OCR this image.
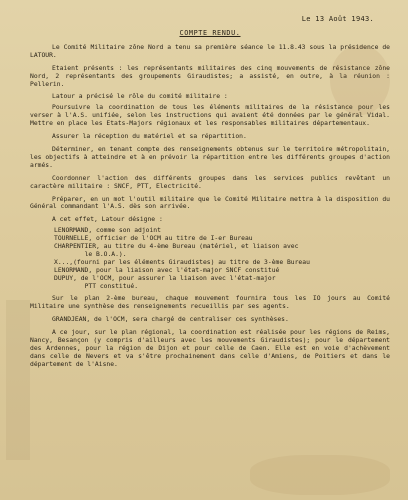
Le 13 Août 1943.
COMPTE RENDU.

Le Comité Militaire zône Nord a tenu sa première séance le 11.8.43 sous la présidence de LATOUR.

Etaient présents : les représentants militaires des cinq mouvements de résistance zône Nord, 2 représentants des groupements Giraudistes; a assisté, en outre, à la réunion : Pellerin.

Latour a précisé le rôle du comité militaire :

Poursuivre la coordination de tous les éléments militaires de la résistance pour les verser à l'A.S. unifiée, selon les instructions qui avaient été données par le général Vidal. Mettre en place les Etats-Majors régionaux et les responsables militaires départementaux.

Assurer la réception du matériel et sa répartition.

Déterminer, en tenant compte des renseignements obtenus sur le territoire métropolitain, les objectifs à atteindre et à en prévoir la répartition entre les différents groupes d'action armés.

Coordonner l'action des différents groupes dans les services publics revêtant un caractère militaire : SNCF, PTT, Electricité.

Préparer, en un mot l'outil militaire que le Comité Militaire mettra à la disposition du Général commandant l'A.S. dès son arrivée.

A cet effet, Latour désigne :

LENORMAND, comme son adjoint
TOURNELLE, officier de l'OCM au titre de I-er Bureau
CHARPENTIER, au titre du 4-ème Bureau (matériel, et liaison avec
le B.O.A.).
X...,(fourni par les éléments Giraudistes) au titre de 3-ème Bureau
LENORMAND, pour la liaison avec l'état-major SNCF constitué
DUPUY, de l'OCM, pour assurer la liaison avec l'état-major
PTT constitué.

Sur le plan 2-ème bureau, chaque mouvement fournira tous les IO jours au Comité Militaire une synthèse des renseignements recueillis par ses agents.

GRANDJEAN, de l'OCM, sera chargé de centraliser ces synthèses.

A ce jour, sur le plan régional, la coordination est réalisée pour les régions de Reims, Nancy, Besançon (y compris d'ailleurs avec les mouvements Giraudistes); pour le département des Ardennes, pour la région de Dijon et pour celle de Caen. Elle est en voie d'achèvement dans celle de Nevers et va s'être prochainement dans celle d'Amiens, de Poitiers et dans le département de l'Aisne.
